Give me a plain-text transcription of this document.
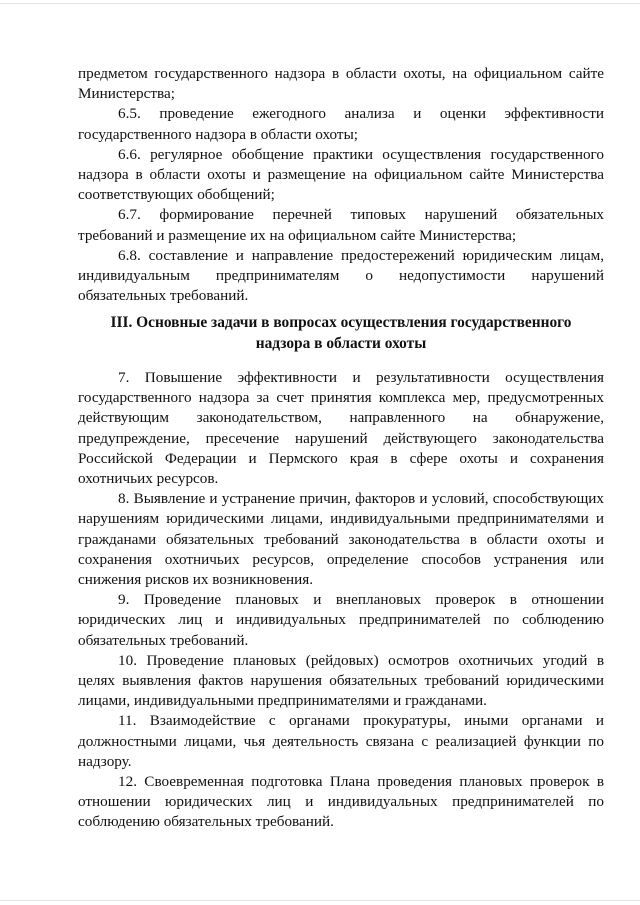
предметом государственного надзора в области охоты, на официальном сайте Министерства;

6.5. проведение ежегодного анализа и оценки эффективности государственного надзора в области охоты;

6.6. регулярное обобщение практики осуществления государственного надзора в области охоты и размещение на официальном сайте Министерства соответствующих обобщений;

6.7. формирование перечней типовых нарушений обязательных требований и размещение их на официальном сайте Министерства;

6.8. составление и направление предостережений юридическим лицам, индивидуальным предпринимателям о недопустимости нарушений обязательных требований.

III. Основные задачи в вопросах осуществления государственного
надзора в области охоты

7. Повышение эффективности и результативности осуществления государственного надзора за счет принятия комплекса мер, предусмотренных действующим законодательством, направленного на обнаружение, предупреждение, пресечение нарушений действующего законодательства Российской Федерации и Пермского края в сфере охоты и сохранения охотничьих ресурсов.

8. Выявление и устранение причин, факторов и условий, способствующих нарушениям юридическими лицами, индивидуальными предпринимателями и гражданами обязательных требований законодательства в области охоты и сохранения охотничьих ресурсов, определение способов устранения или снижения рисков их возникновения.

9. Проведение плановых и внеплановых проверок в отношении юридических лиц и индивидуальных предпринимателей по соблюдению обязательных требований.

10. Проведение плановых (рейдовых) осмотров охотничьих угодий в целях выявления фактов нарушения обязательных требований юридическими лицами, индивидуальными предпринимателями и гражданами.

11. Взаимодействие с органами прокуратуры, иными органами и должностными лицами, чья деятельность связана с реализацией функции по надзору.

12. Своевременная подготовка Плана проведения плановых проверок в отношении юридических лиц и индивидуальных предпринимателей по соблюдению обязательных требований.
